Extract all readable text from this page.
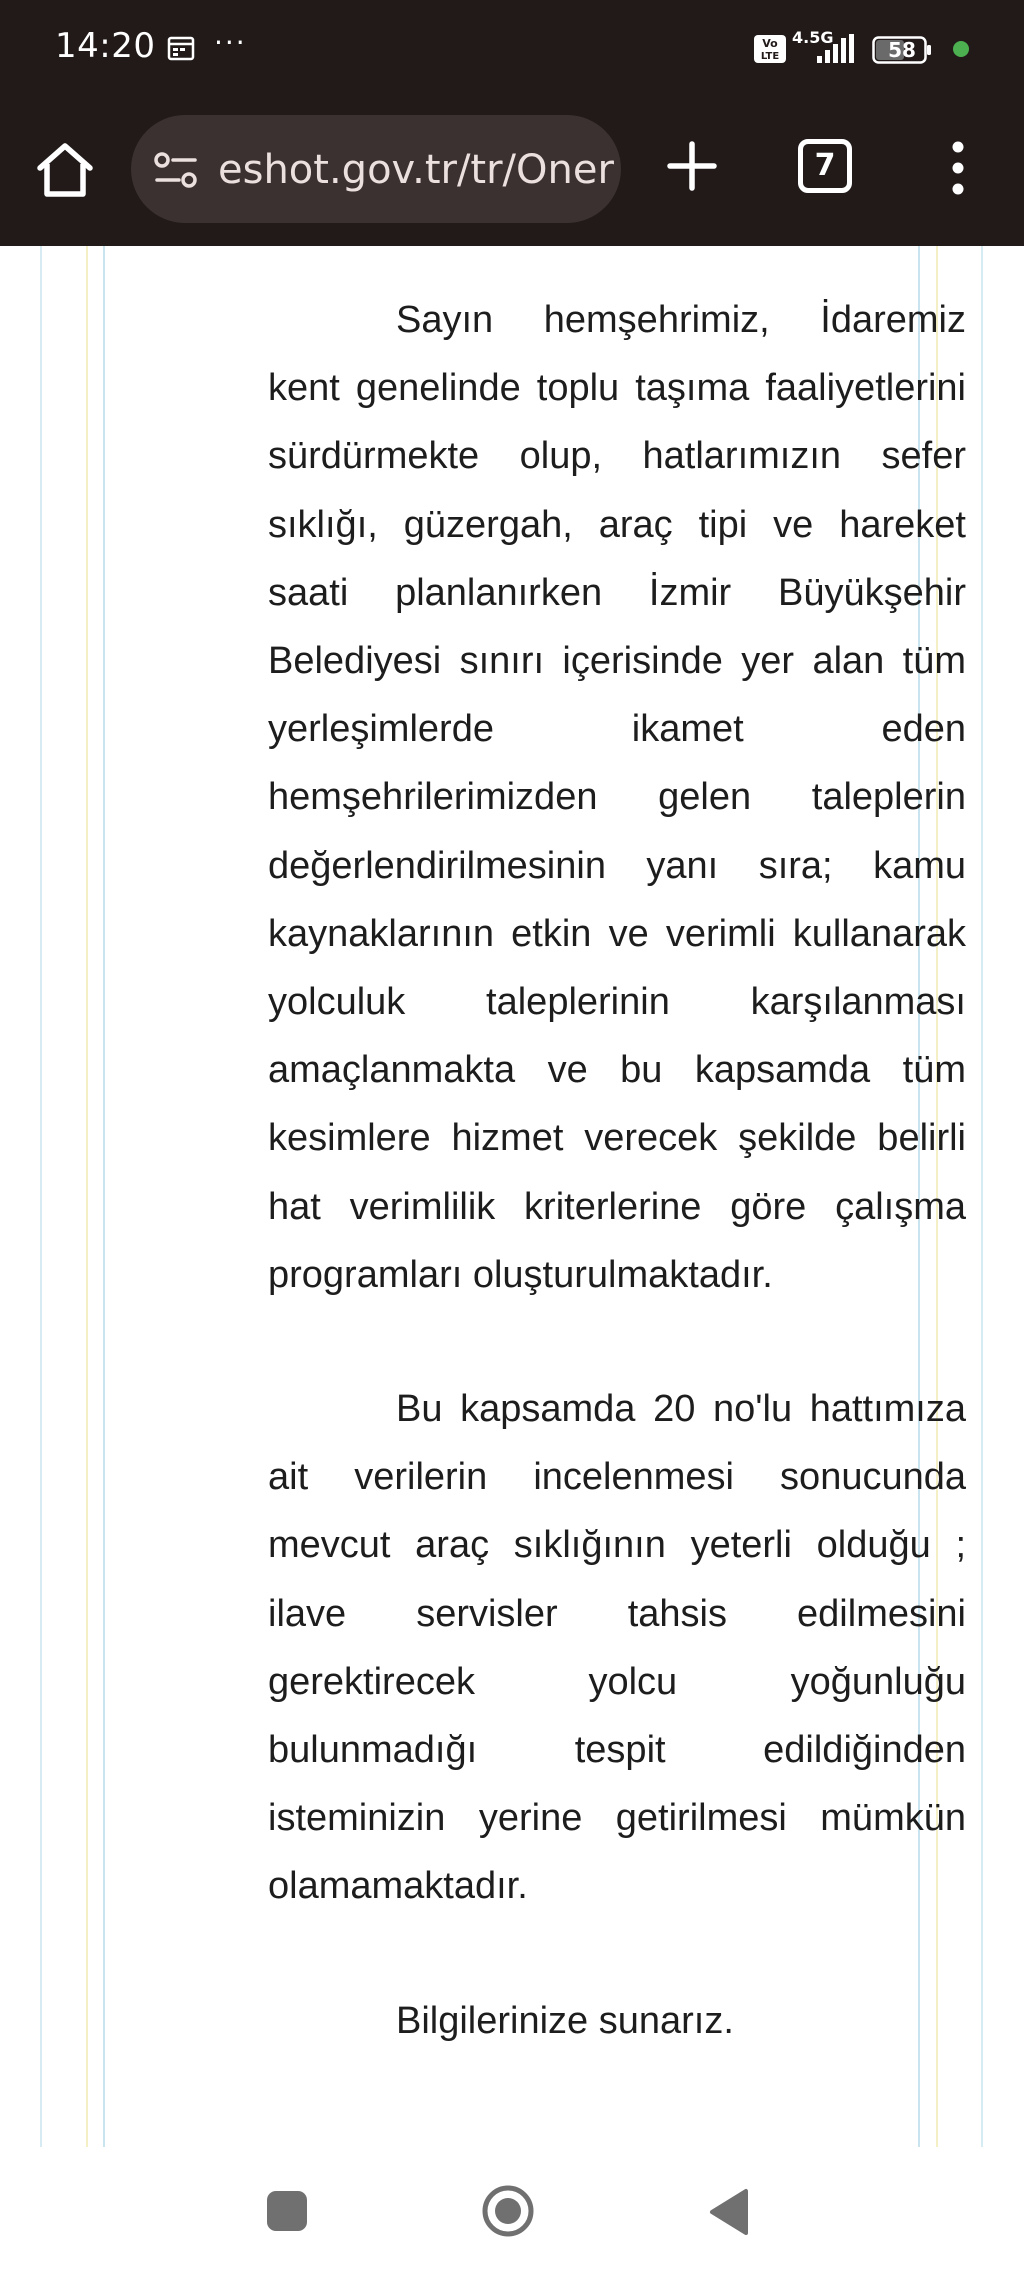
14:20 ···	Vo
LTE
4.5G
58
eshot.gov.tr/tr/Oner	7

Sayın hemşehrimiz, İdaremiz kent genelinde toplu taşıma faaliyetlerini sürdürmekte olup, hatlarımızın sefer sıklığı, güzergah, araç tipi ve hareket saati planlanırken İzmir Büyükşehir Belediyesi sınırı içerisinde yer alan tüm yerleşimlerde ikamet eden hemşehrilerimizden gelen taleplerin değerlendirilmesinin yanı sıra; kamu kaynaklarının etkin ve verimli kullanarak yolculuk taleplerinin karşılanması amaçlanmakta ve bu kapsamda tüm kesimlere hizmet verecek şekilde belirli hat verimlilik kriterlerine göre çalışma programları oluşturulmaktadır.

Bu kapsamda 20 no'lu hattımıza ait verilerin incelenmesi sonucunda mevcut araç sıklığının yeterli olduğu ; ilave servisler tahsis edilmesini gerektirecek yolcu yoğunluğu bulunmadığı tespit edildiğinden isteminizin yerine getirilmesi mümkün olamamaktadır.

Bilgilerinize sunarız.
